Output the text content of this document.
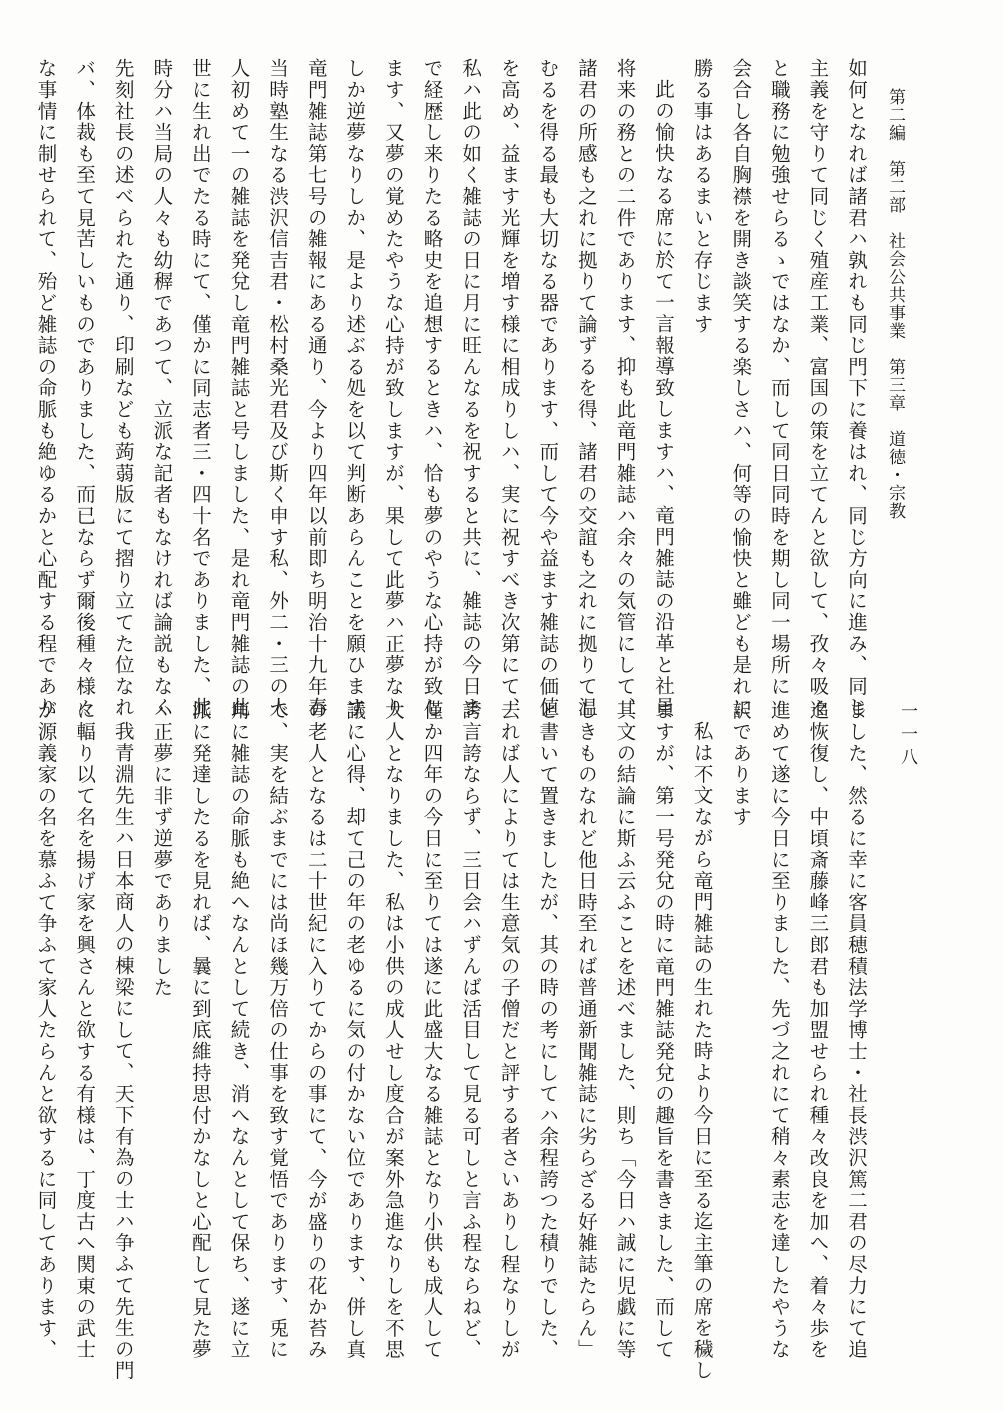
第二編　第二部　社会公共事業　第三章　道徳・宗教
一一八
如何となれば諸君ハ孰れも同じ門下に養はれ、同じ方向に進み、同じ
主義を守りて同じく殖産工業、富国の策を立てんと欲して、孜々吸々
と職務に勉強せらるゝではなか、而して同日同時を期し同一場所に
会合し各自胸襟を開き談笑する楽しさハ、何等の愉快と雖ども是れに
勝る事はあるまいと存じます
此の愉快なる席に於て一言報導致しますハ、竜門雑誌の沿革と社員
将来の務との二件であります、抑も此竜門雑誌ハ余々の気管にして、
諸君の所感も之れに拠りて論ずるを得、諸君の交誼も之れに拠りて温
むるを得る最も大切なる器であります、而して今や益ます雑誌の価値
を高め、益ます光輝を増す様に相成りしハ、実に祝すべき次第にて、
私ハ此の如く雑誌の日に月に旺んなるを祝すると共に、雑誌の今日ま
で経歴し来りたる略史を追想するときハ、恰も夢のやうな心持が致し
ます、又夢の覚めたやうな心持が致しますが、果して此夢ハ正夢なり
しか逆夢なりしか、是より述ぶる処を以て判断あらんことを願ひます
竜門雑誌第七号の雑報にある通り、今より四年以前即ち明治十九年春
当時塾生なる渋沢信吉君・松村桑光君及び斯く申す私、外二・三の人
人初めて一の雑誌を発兌し竜門雑誌と号しました、是れ竜門雑誌の此
世に生れ出でたる時にて、僅かに同志者三・四十名でありました、此
時分ハ当局の人々も幼稺であつて、立派な記者もなければ論説もなく
先刻社長の述べられた通り、印刷なども蒟蒻版にて摺り立てた位なれ
バ、体裁も至て見苦しいものでありました、而已ならず爾後種々様々
な事情に制せられて、殆ど雑誌の命脈も絶ゆるかと心配する程であり
ました、然るに幸に客員穂積法学博士・社長渋沢篤二君の尽力にて追
追恢復し、中頃斎藤峰三郎君も加盟せられ種々改良を加へ、着々歩を
進めて遂に今日に至りました、先づ之れにて稍々素志を達したやうな
訳であります
私は不文ながら竜門雑誌の生れた時より今日に至る迄主筆の席を穢し
ますが、第一号発兌の時に竜門雑誌発兌の趣旨を書きました、而して
其文の結論に斯ふ云ふことを述べました、則ち「今日ハ誠に児戯に等
しきものなれど他日時至れば普通新聞雑誌に劣らざる好雑誌たらん」
と書いて置きましたが、其の時の考にしてハ余程誇つた積りでした、
去れば人によりては生意気の子僧だと評する者さいありし程なりしが
誇言誇ならず、三日会ハずんば活目して見る可しと言ふ程ならねど、
僅か四年の今日に至りては遂に此盛大なる雑誌となり小供も成人して
大人となりました、私は小供の成人せし度合が案外急進なりしを不思
議に心得、却て己の年の老ゆるに気の付かない位であります、併し真
の老人となるは二十世紀に入りてからの事にて、今が盛りの花か苔み
で、実を結ぶまでには尚ほ幾万倍の仕事を致す覚悟であります、兎に
角に雑誌の命脈も絶へなんとして続き、消へなんとして保ち、遂に立
派に発達したるを見れば、曩に到底維持思付かなしと心配して見た夢
ハ正夢に非ず逆夢でありました
我青淵先生ハ日本商人の棟梁にして、天下有為の士ハ争ふて先生の門
に輻り以て名を揚げ家を興さんと欲する有様は、丁度古へ関東の武士
が源義家の名を慕ふて争ふて家人たらんと欲するに同してあります、
